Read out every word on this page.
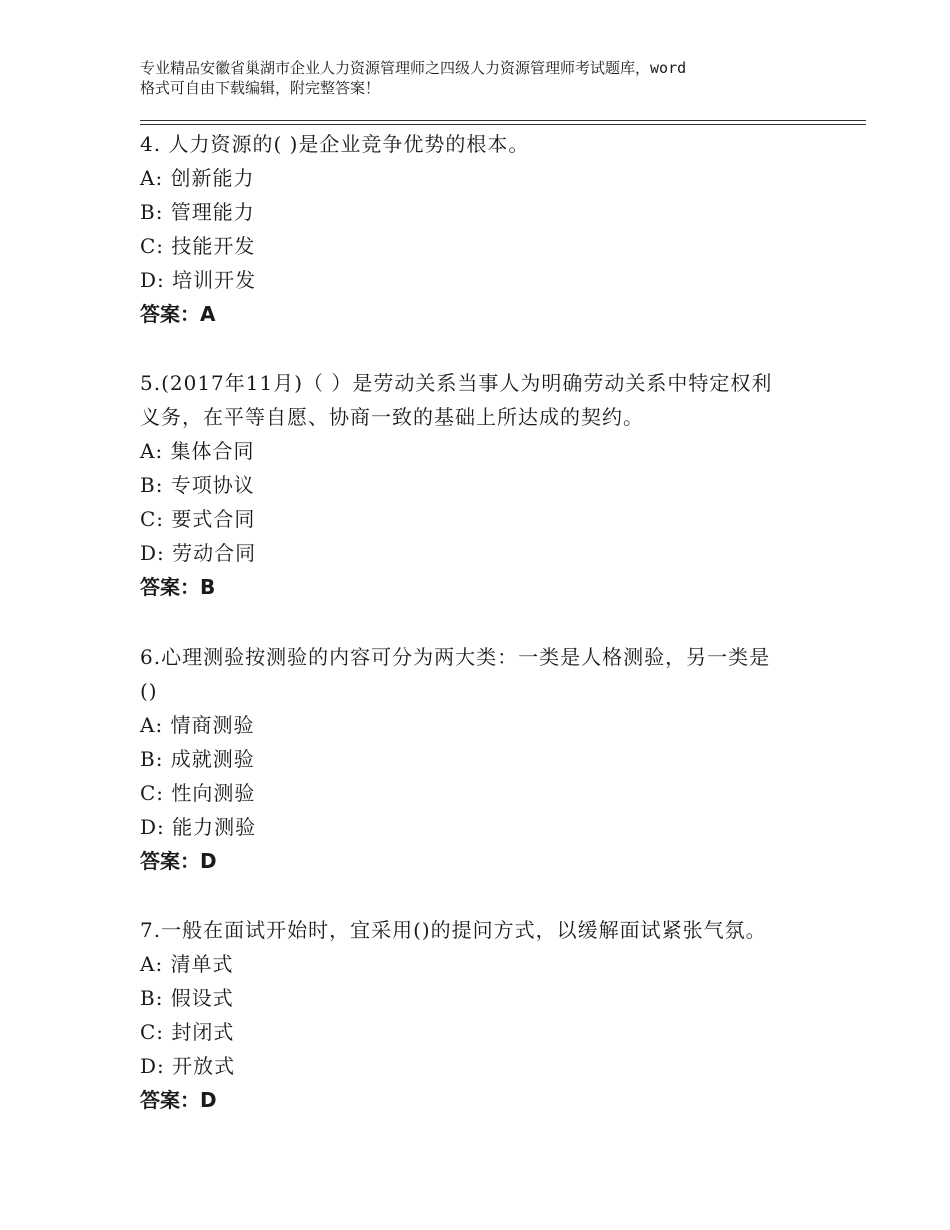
专业精品安徽省巢湖市企业人力资源管理师之四级人力资源管理师考试题库，word
格式可自由下载编辑，附完整答案！
4. 人力资源的( )是企业竞争优势的根本。
A: 创新能力
B: 管理能力
C: 技能开发
D: 培训开发
答案：A
5.(2017年11月)（ ）是劳动关系当事人为明确劳动关系中特定权利
义务，在平等自愿、协商一致的基础上所达成的契约。
A: 集体合同
B: 专项协议
C: 要式合同
D: 劳动合同
答案：B
6.心理测验按测验的内容可分为两大类：一类是人格测验，另一类是
()
A: 情商测验
B: 成就测验
C: 性向测验
D: 能力测验
答案：D
7.一般在面试开始时，宜采用()的提问方式，以缓解面试紧张气氛。
A: 清单式
B: 假设式
C: 封闭式
D: 开放式
答案：D
